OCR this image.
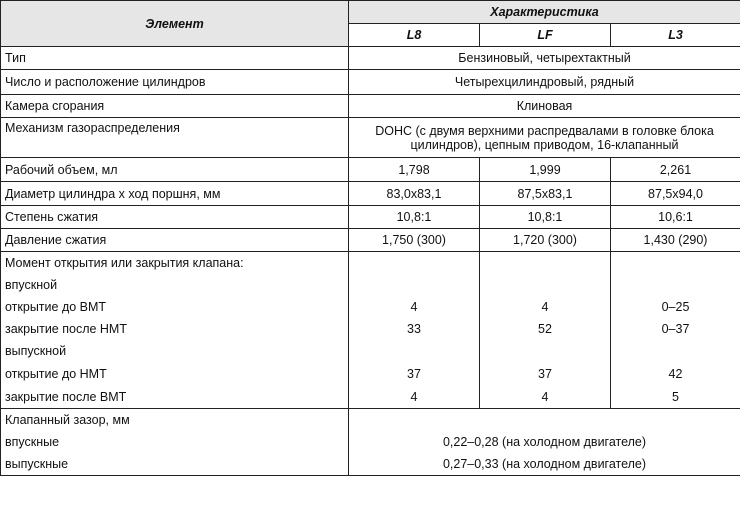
Элемент	Характеристика		
	L8	LF	L3
Тип	Бензиновый, четырехтактный		
Число и расположение цилиндров	Четырехцилиндровый, рядный		
Камера сгорания	Клиновая		
Механизм газораспределения	DOHC (с двумя верхними распредвалами в головке блока
цилиндров), цепным приводом, 16-клапанный		

Рабочий объем, мл	1,798	1,999	2,261
Диаметр цилиндра х ход поршня, мм	83,0x83,1	87,5x83,1	87,5x94,0
Степень сжатия	10,8:1	10,8:1	10,6:1
Давление сжатия	1,750 (300)	1,720 (300)	1,430 (290)
Момент открытия или закрытия клапана:			
впускной			
открытие до ВМТ	4	4	0–25
закрытие после НМТ	33	52	0–37
выпускной			
открытие до НМТ	37	37	42
закрытие после ВМТ	4	4	5
Клапанный зазор, мм			
впускные	0,22–0,28 (на холодном двигателе)		
выпускные	0,27–0,33 (на холодном двигателе)		
